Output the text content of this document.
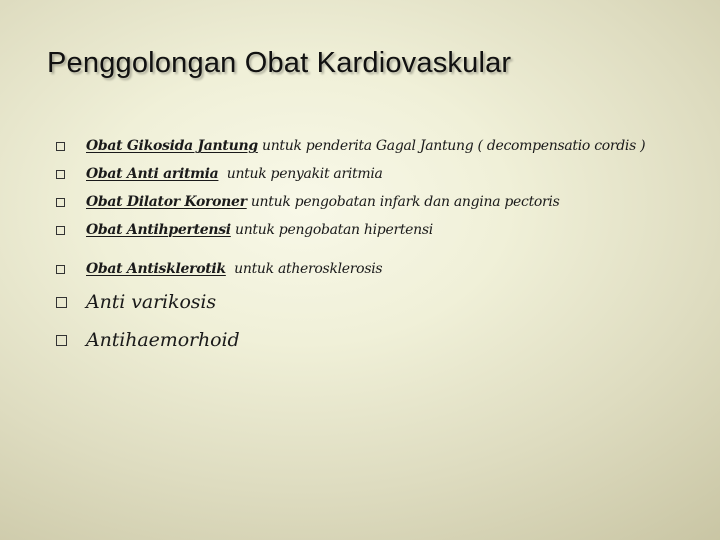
Penggolongan Obat Kardiovaskular
Obat Gikosida Jantung untuk penderita Gagal Jantung ( decompensatio cordis )
Obat Anti aritmia untuk penyakit aritmia
Obat Dilator Koroner untuk pengobatan infark dan angina pectoris
Obat Antihpertensi untuk pengobatan hipertensi
Obat Antisklerotik untuk atherosklerosis
Anti varikosis
Antihaemorhoid
